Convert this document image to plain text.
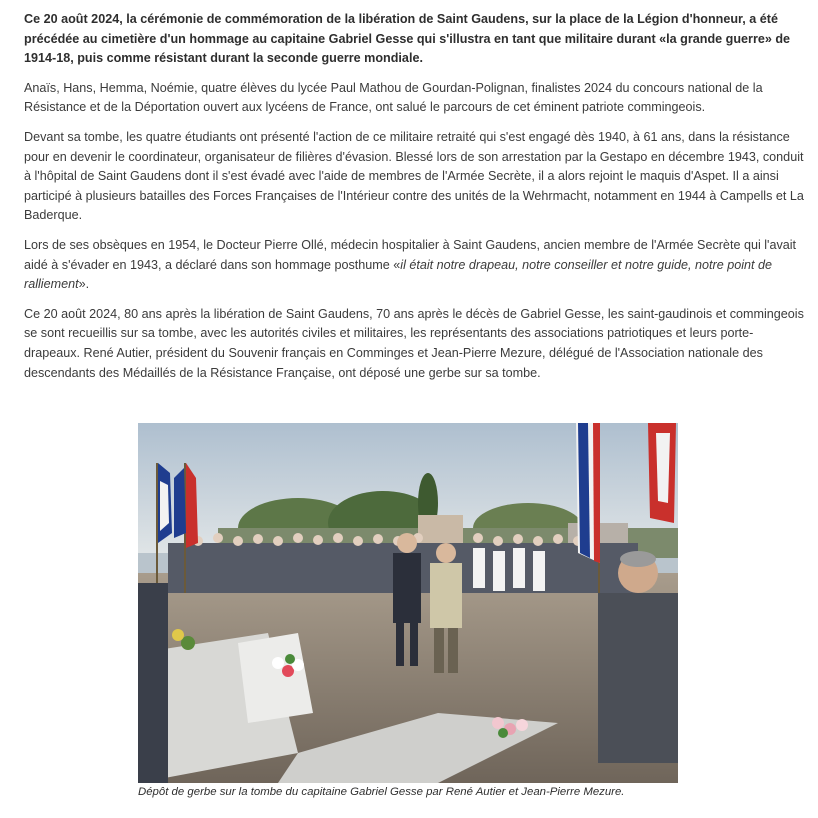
Ce 20 août 2024, la cérémonie de commémoration de la libération de Saint Gaudens, sur la place de la Légion d'honneur, a été précédée au cimetière d'un hommage au capitaine Gabriel Gesse qui s'illustra en tant que militaire durant «la grande guerre» de 1914-18, puis comme résistant durant la seconde guerre mondiale.

Anaïs, Hans, Hemma, Noémie, quatre élèves du lycée Paul Mathou de Gourdan-Polignan, finalistes 2024 du concours national de la Résistance et de la Déportation ouvert aux lycéens de France, ont salué le parcours de cet éminent patriote commingeois.

Devant sa tombe, les quatre étudiants ont présenté l'action de ce militaire retraité qui s'est engagé dès 1940, à 61 ans, dans la résistance pour en devenir le coordinateur, organisateur de filières d'évasion. Blessé lors de son arrestation par la Gestapo en décembre 1943, conduit à l'hôpital de Saint Gaudens dont il s'est évadé avec l'aide de membres de l'Armée Secrète, il a alors rejoint le maquis d'Aspet. Il a ainsi participé à plusieurs batailles des Forces Françaises de l'Intérieur contre des unités de la Wehrmacht, notamment en 1944 à Campells et La Baderque.

Lors de ses obsèques en 1954, le Docteur Pierre Ollé, médecin hospitalier à Saint Gaudens, ancien membre de l'Armée Secrète qui l'avait aidé à s'évader en 1943, a déclaré dans son hommage posthume «il était notre drapeau, notre conseiller et notre guide, notre point de ralliement».

Ce 20 août 2024, 80 ans après la libération de Saint Gaudens, 70 ans après le décès de Gabriel Gesse, les saint-gaudinois et commingeois se sont recueillis sur sa tombe, avec les autorités civiles et militaires, les représentants des associations patriotiques et leurs porte-drapeaux. René Autier, président du Souvenir français en Comminges et Jean-Pierre Mezure, délégué de l'Association nationale des descendants des Médaillés de la Résistance Française, ont déposé une gerbe sur sa tombe.

Dépôt de gerbe sur la tombe du capitaine Gabriel Gesse par René Autier et Jean-Pierre Mezure.
